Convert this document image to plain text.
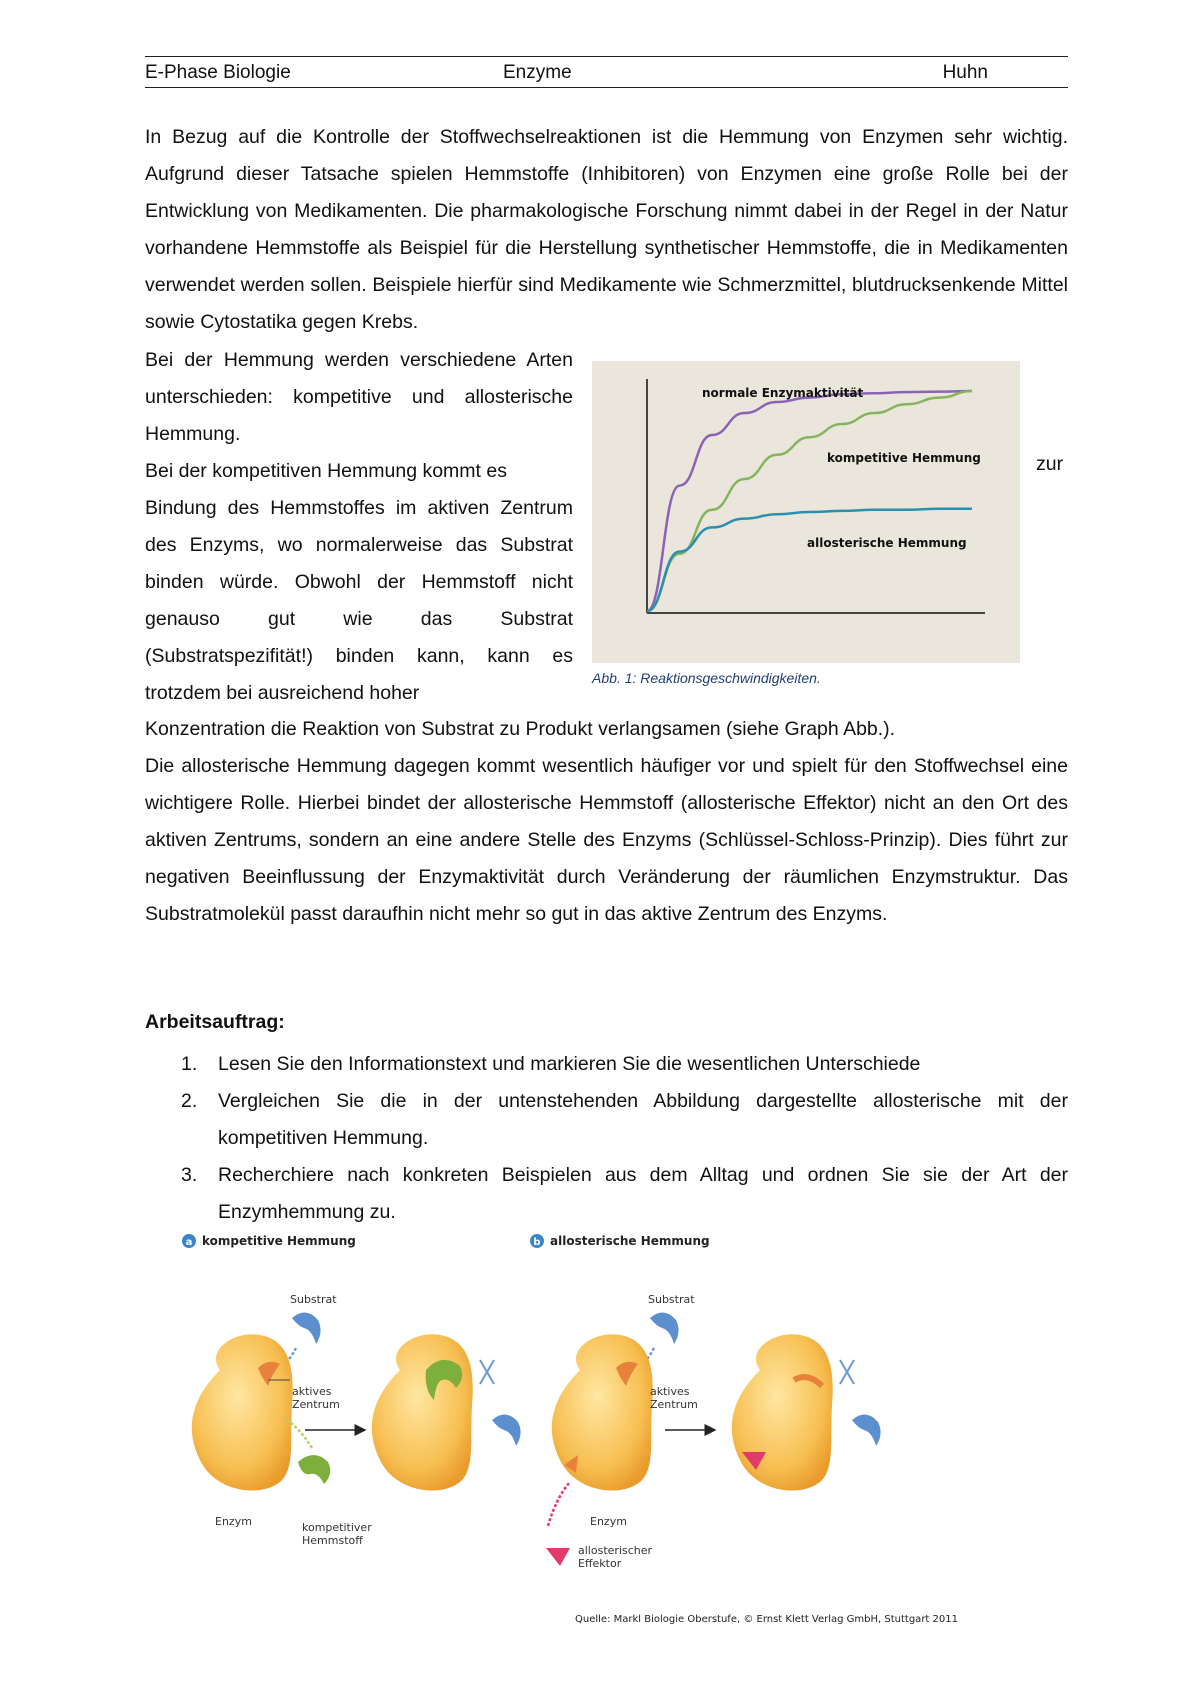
E-Phase Biologie	Enzyme	Huhn

In Bezug auf die Kontrolle der Stoffwechselreaktionen ist die Hemmung von Enzymen sehr wichtig. Aufgrund dieser Tatsache spielen Hemmstoffe (Inhibitoren) von Enzymen eine große Rolle bei der Entwicklung von Medikamenten. Die pharmakologische Forschung nimmt dabei in der Regel in der Natur vorhandene Hemmstoffe als Beispiel für die Herstellung synthetischer Hemmstoffe, die in Medikamenten verwendet werden sollen. Beispiele hierfür sind Medikamente wie Schmerzmittel, blutdrucksenkende Mittel sowie Cytostatika gegen Krebs.

Bei der Hemmung werden verschiedene Arten unterschieden: kompetitive und allosterische Hemmung.

Bei der kompetitiven Hemmung kommt es

Bindung des Hemmstoffes im aktiven Zentrum des Enzyms, wo normalerweise das Substrat binden würde. Obwohl der Hemmstoff nicht genauso gut wie das Substrat (Substratspezifität!) binden kann, kann es trotzdem bei ausreichend hoher

zur
normale Enzymaktivität
kompetitive Hemmung
allosterische Hemmung
Abb. 1: Reaktionsgeschwindigkeiten.

Konzentration die Reaktion von Substrat zu Produkt verlangsamen (siehe Graph Abb.).

Die allosterische Hemmung dagegen kommt wesentlich häufiger vor und spielt für den Stoffwechsel eine wichtigere Rolle. Hierbei bindet der allosterische Hemmstoff (allosterische Effektor) nicht an den Ort des aktiven Zentrums, sondern an eine andere Stelle des Enzyms (Schlüssel-Schloss-Prinzip). Dies führt zur negativen Beeinflussung der Enzymaktivität durch Veränderung der räumlichen Enzymstruktur. Das Substratmolekül passt daraufhin nicht mehr so gut in das aktive Zentrum des Enzyms.

Arbeitsauftrag:
1. Lesen Sie den Informationstext und markieren Sie die wesentlichen Unterschiede
2. Vergleichen Sie die in der untenstehenden Abbildung dargestellte allosterische mit der kompetitiven Hemmung.
3. Recherchiere nach konkreten Beispielen aus dem Alltag und ordnen Sie sie der Art der Enzymhemmung zu.
a kompetitive Hemmung
Substrat
aktives
Zentrum
Enzym	kompetitiver
Hemmstoff
b allosterische Hemmung
Substrat
aktives
Zentrum
Enzym
allosterischer
Effektor
Quelle: Markl Biologie Oberstufe, © Ernst Klett Verlag GmbH, Stuttgart 2011
